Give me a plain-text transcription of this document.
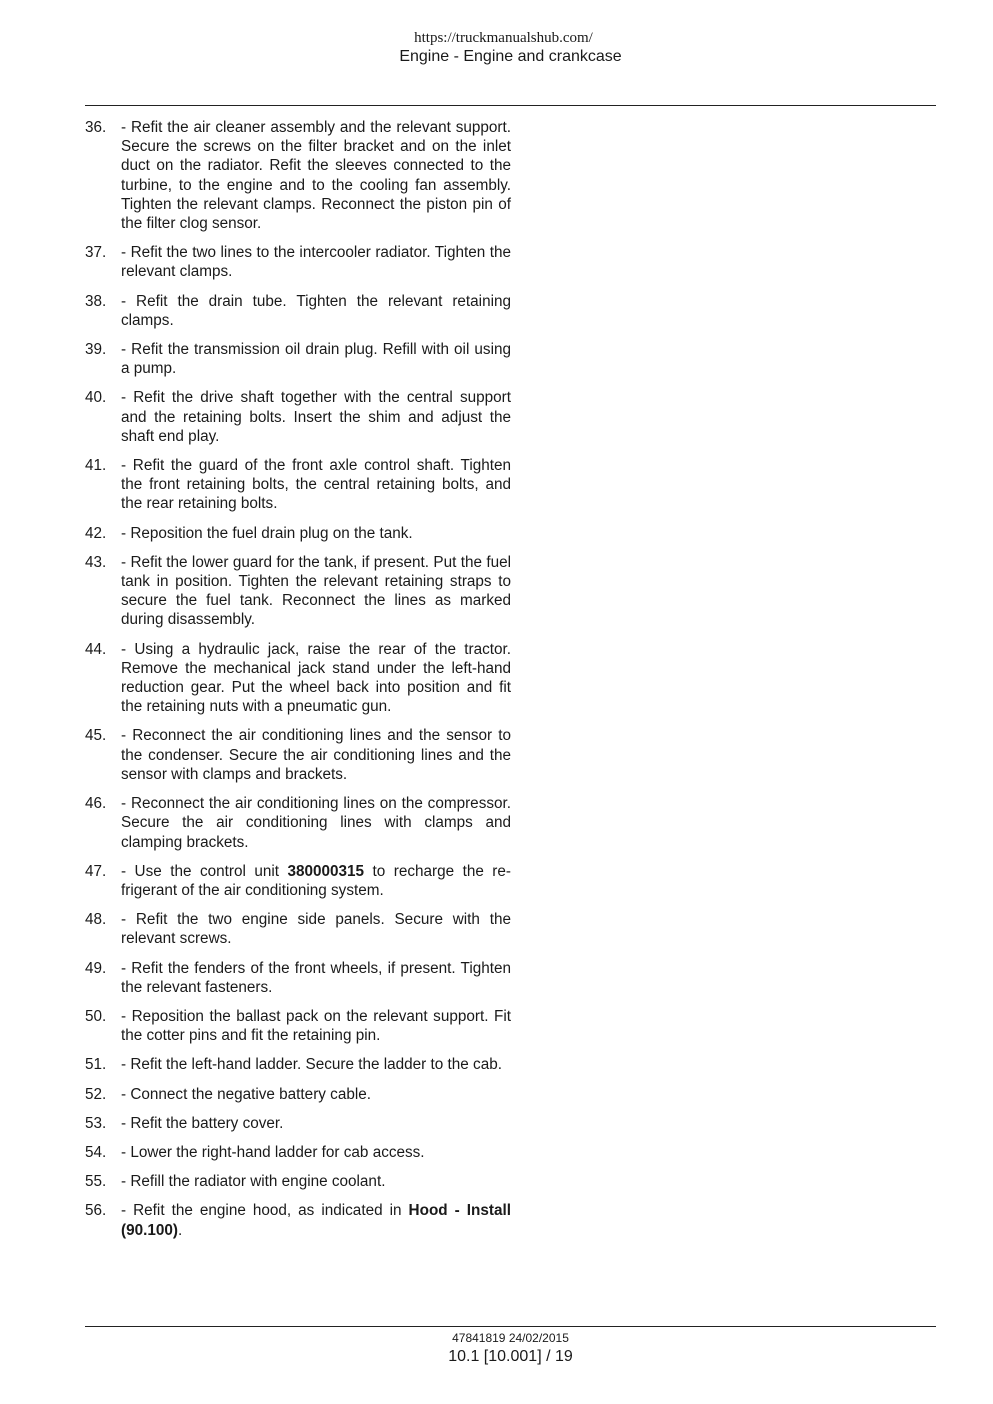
https://truckmanualshub.com/
Engine - Engine and crankcase
36. - Refit the air cleaner assembly and the relevant support. Secure the screws on the filter bracket and on the inlet duct on the radiator. Refit the sleeves connected to the turbine, to the engine and to the cooling fan assembly. Tighten the relevant clamps. Reconnect the piston pin of the filter clog sensor.
37. - Refit the two lines to the intercooler radiator. Tighten the relevant clamps.
38. - Refit the drain tube. Tighten the relevant retaining clamps.
39. - Refit the transmission oil drain plug. Refill with oil using a pump.
40. - Refit the drive shaft together with the central support and the retaining bolts. Insert the shim and adjust the shaft end play.
41. - Refit the guard of the front axle control shaft. Tighten the front retaining bolts, the central retaining bolts, and the rear retaining bolts.
42. - Reposition the fuel drain plug on the tank.
43. - Refit the lower guard for the tank, if present. Put the fuel tank in position. Tighten the relevant retaining straps to secure the fuel tank. Reconnect the lines as marked during disassembly.
44. - Using a hydraulic jack, raise the rear of the tractor. Remove the mechanical jack stand under the left-hand reduction gear. Put the wheel back into position and fit the retaining nuts with a pneumatic gun.
45. - Reconnect the air conditioning lines and the sensor to the condenser. Secure the air conditioning lines and the sensor with clamps and brackets.
46. - Reconnect the air conditioning lines on the compressor. Secure the air conditioning lines with clamps and clamping brackets.
47. - Use the control unit 380000315 to recharge the refrigerant of the air conditioning system.
48. - Refit the two engine side panels. Secure with the relevant screws.
49. - Refit the fenders of the front wheels, if present. Tighten the relevant fasteners.
50. - Reposition the ballast pack on the relevant support. Fit the cotter pins and fit the retaining pin.
51. - Refit the left-hand ladder. Secure the ladder to the cab.
52. - Connect the negative battery cable.
53. - Refit the battery cover.
54. - Lower the right-hand ladder for cab access.
55. - Refill the radiator with engine coolant.
56. - Refit the engine hood, as indicated in Hood - Install (90.100).
47841819 24/02/2015
10.1 [10.001] / 19
